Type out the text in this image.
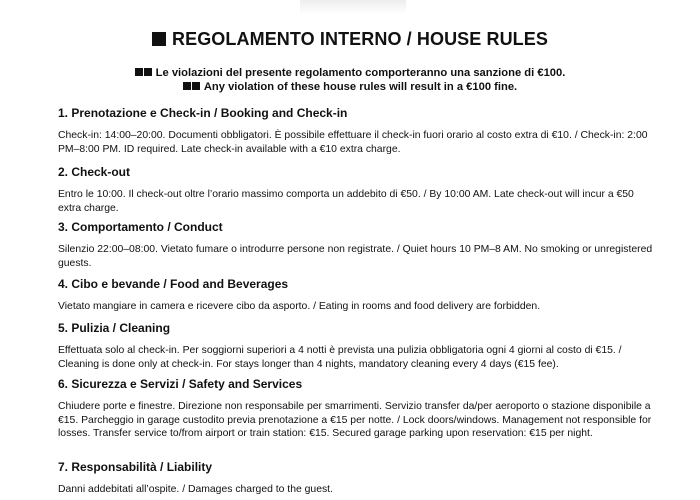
REGOLAMENTO INTERNO / HOUSE RULES
Le violazioni del presente regolamento comporteranno una sanzione di €100.
Any violation of these house rules will result in a €100 fine.
1. Prenotazione e Check-in / Booking and Check-in

Check-in: 14:00–20:00. Documenti obbligatori. È possibile effettuare il check-in fuori orario al costo extra di €10. / Check-in: 2:00 PM–8:00 PM. ID required. Late check-in available with a €10 extra charge.

2. Check-out

Entro le 10:00. Il check-out oltre l’orario massimo comporta un addebito di €50. / By 10:00 AM. Late check-out will incur a €50 extra charge.

3. Comportamento / Conduct

Silenzio 22:00–08:00. Vietato fumare o introdurre persone non registrate. / Quiet hours 10 PM–8 AM. No smoking or unregistered guests.

4. Cibo e bevande / Food and Beverages

Vietato mangiare in camera e ricevere cibo da asporto. / Eating in rooms and food delivery are forbidden.

5. Pulizia / Cleaning

Effettuata solo al check-in. Per soggiorni superiori a 4 notti è prevista una pulizia obbligatoria ogni 4 giorni al costo di €15. / Cleaning is done only at check-in. For stays longer than 4 nights, mandatory cleaning every 4 days (€15 fee).

6. Sicurezza e Servizi / Safety and Services

Chiudere porte e finestre. Direzione non responsabile per smarrimenti. Servizio transfer da/per aeroporto o stazione disponibile a €15. Parcheggio in garage custodito previa prenotazione a €15 per notte. / Lock doors/windows. Management not responsible for losses. Transfer service to/from airport or train station: €15. Secured garage parking upon reservation: €15 per night.

7. Responsabilità / Liability

Danni addebitati all’ospite. / Damages charged to the guest.
